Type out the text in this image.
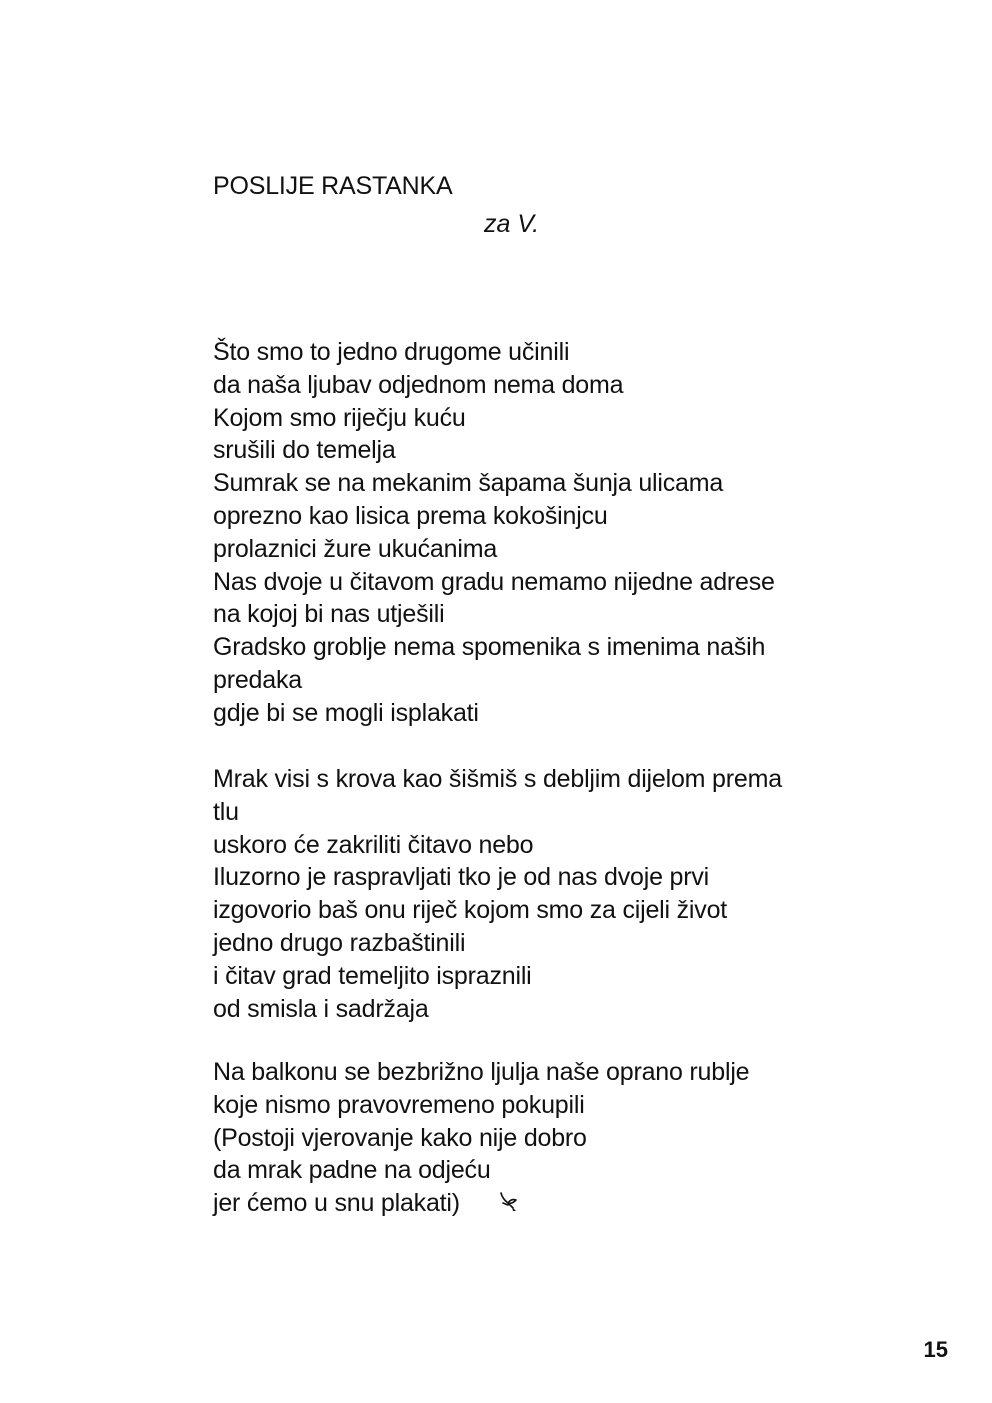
POSLIJE RASTANKA
za V.
Što smo to jedno drugome učinili
da naša ljubav odjednom nema doma
Kojom smo riječju kuću
srušili do temelja
Sumrak se na mekanim šapama šunja ulicama
oprezno kao lisica prema kokošinjcu
prolaznici žure ukućanima
Nas dvoje u čitavom gradu nemamo nijedne adrese
na kojoj bi nas utješili
Gradsko groblje nema spomenika s imenima naših
predaka
gdje bi se mogli isplakati
Mrak visi s krova kao šišmiš s debljim dijelom prema
tlu
uskoro će zakriliti čitavo nebo
Iluzorno je raspravljati tko je od nas dvoje prvi
izgovorio baš onu riječ kojom smo za cijeli život
jedno drugo razbaštinili
i čitav grad temeljito ispraznili
od smisla i sadržaja
Na balkonu se bezbrižno ljulja naše oprano rublje
koje nismo pravovremeno pokupili
(Postoji vjerovanje kako nije dobro
da mrak padne na odjeću
jer ćemo u snu plakati)
15
